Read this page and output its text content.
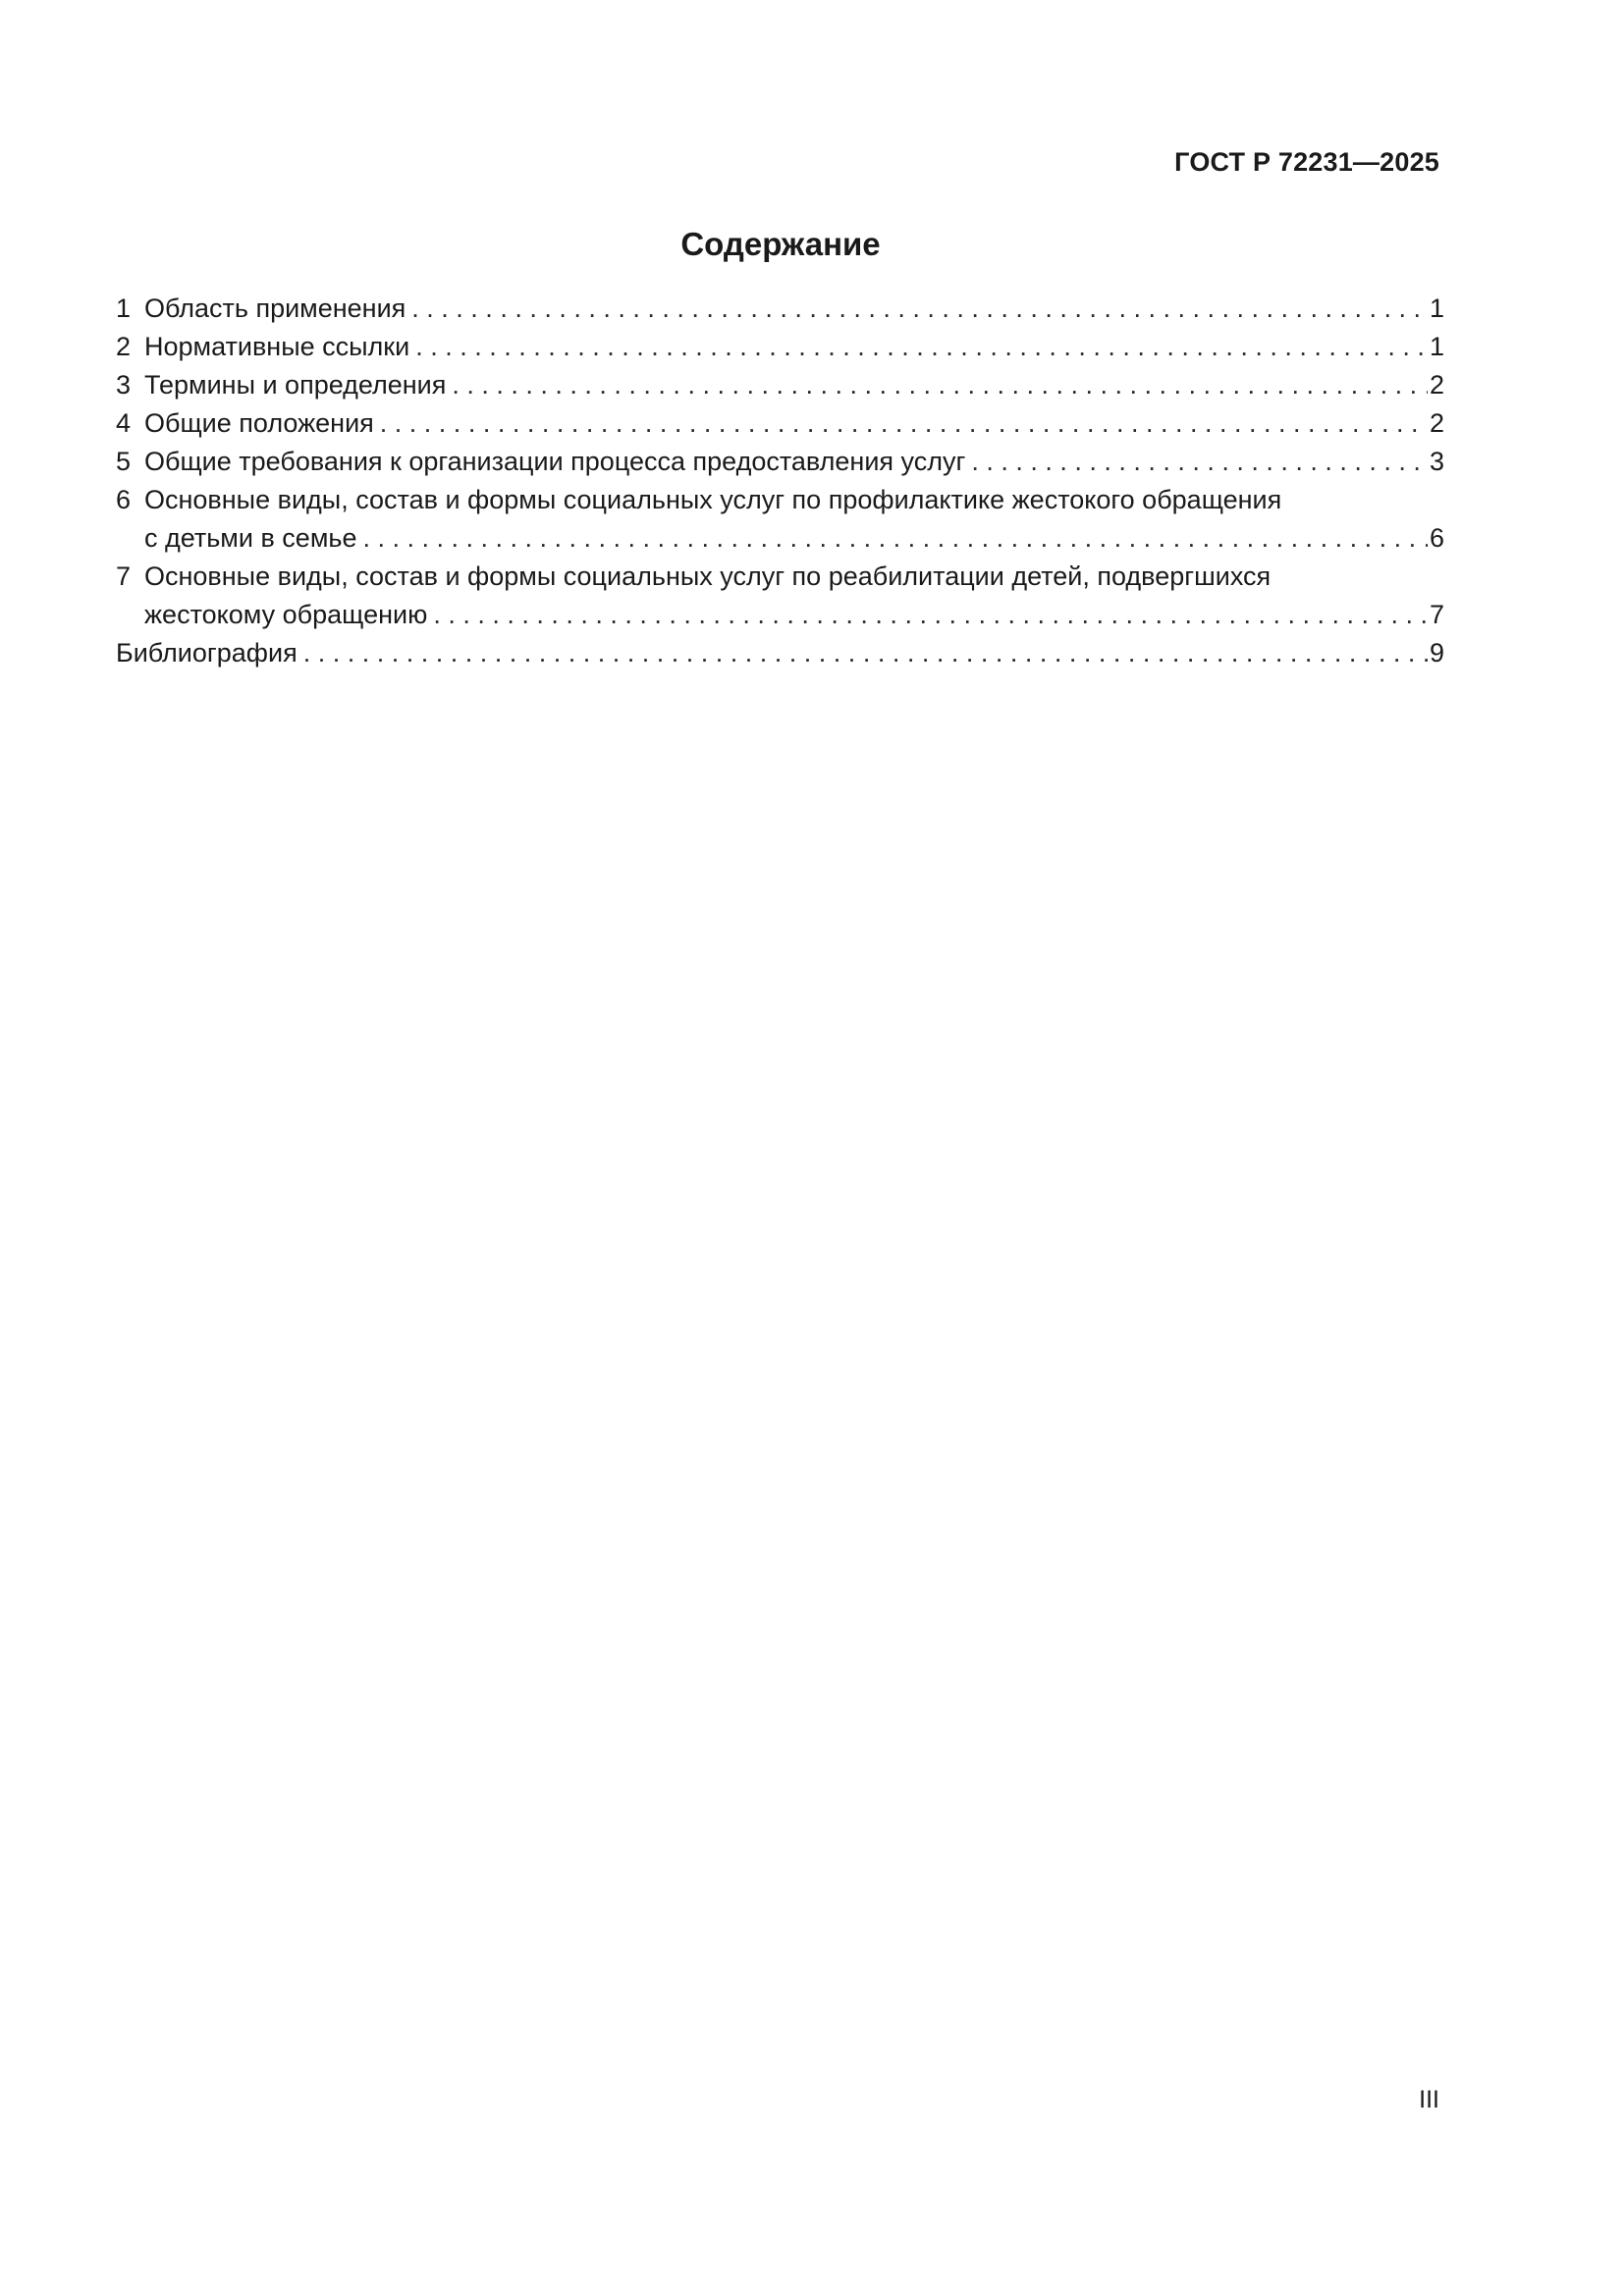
ГОСТ Р 72231—2025
Содержание
1 Область применения . . .	1
2 Нормативные ссылки . . .	1
3 Термины и определения . . .	2
4 Общие положения . . .	2
5 Общие требования к организации процесса предоставления услуг . . .	3
6 Основные виды, состав и формы социальных услуг по профилактике жестокого обращения
с детьми в семье . . .	6
7 Основные виды, состав и формы социальных услуг по реабилитации детей, подвергшихся
жестокому обращению . . .	7
Библиография . . .	9
III
